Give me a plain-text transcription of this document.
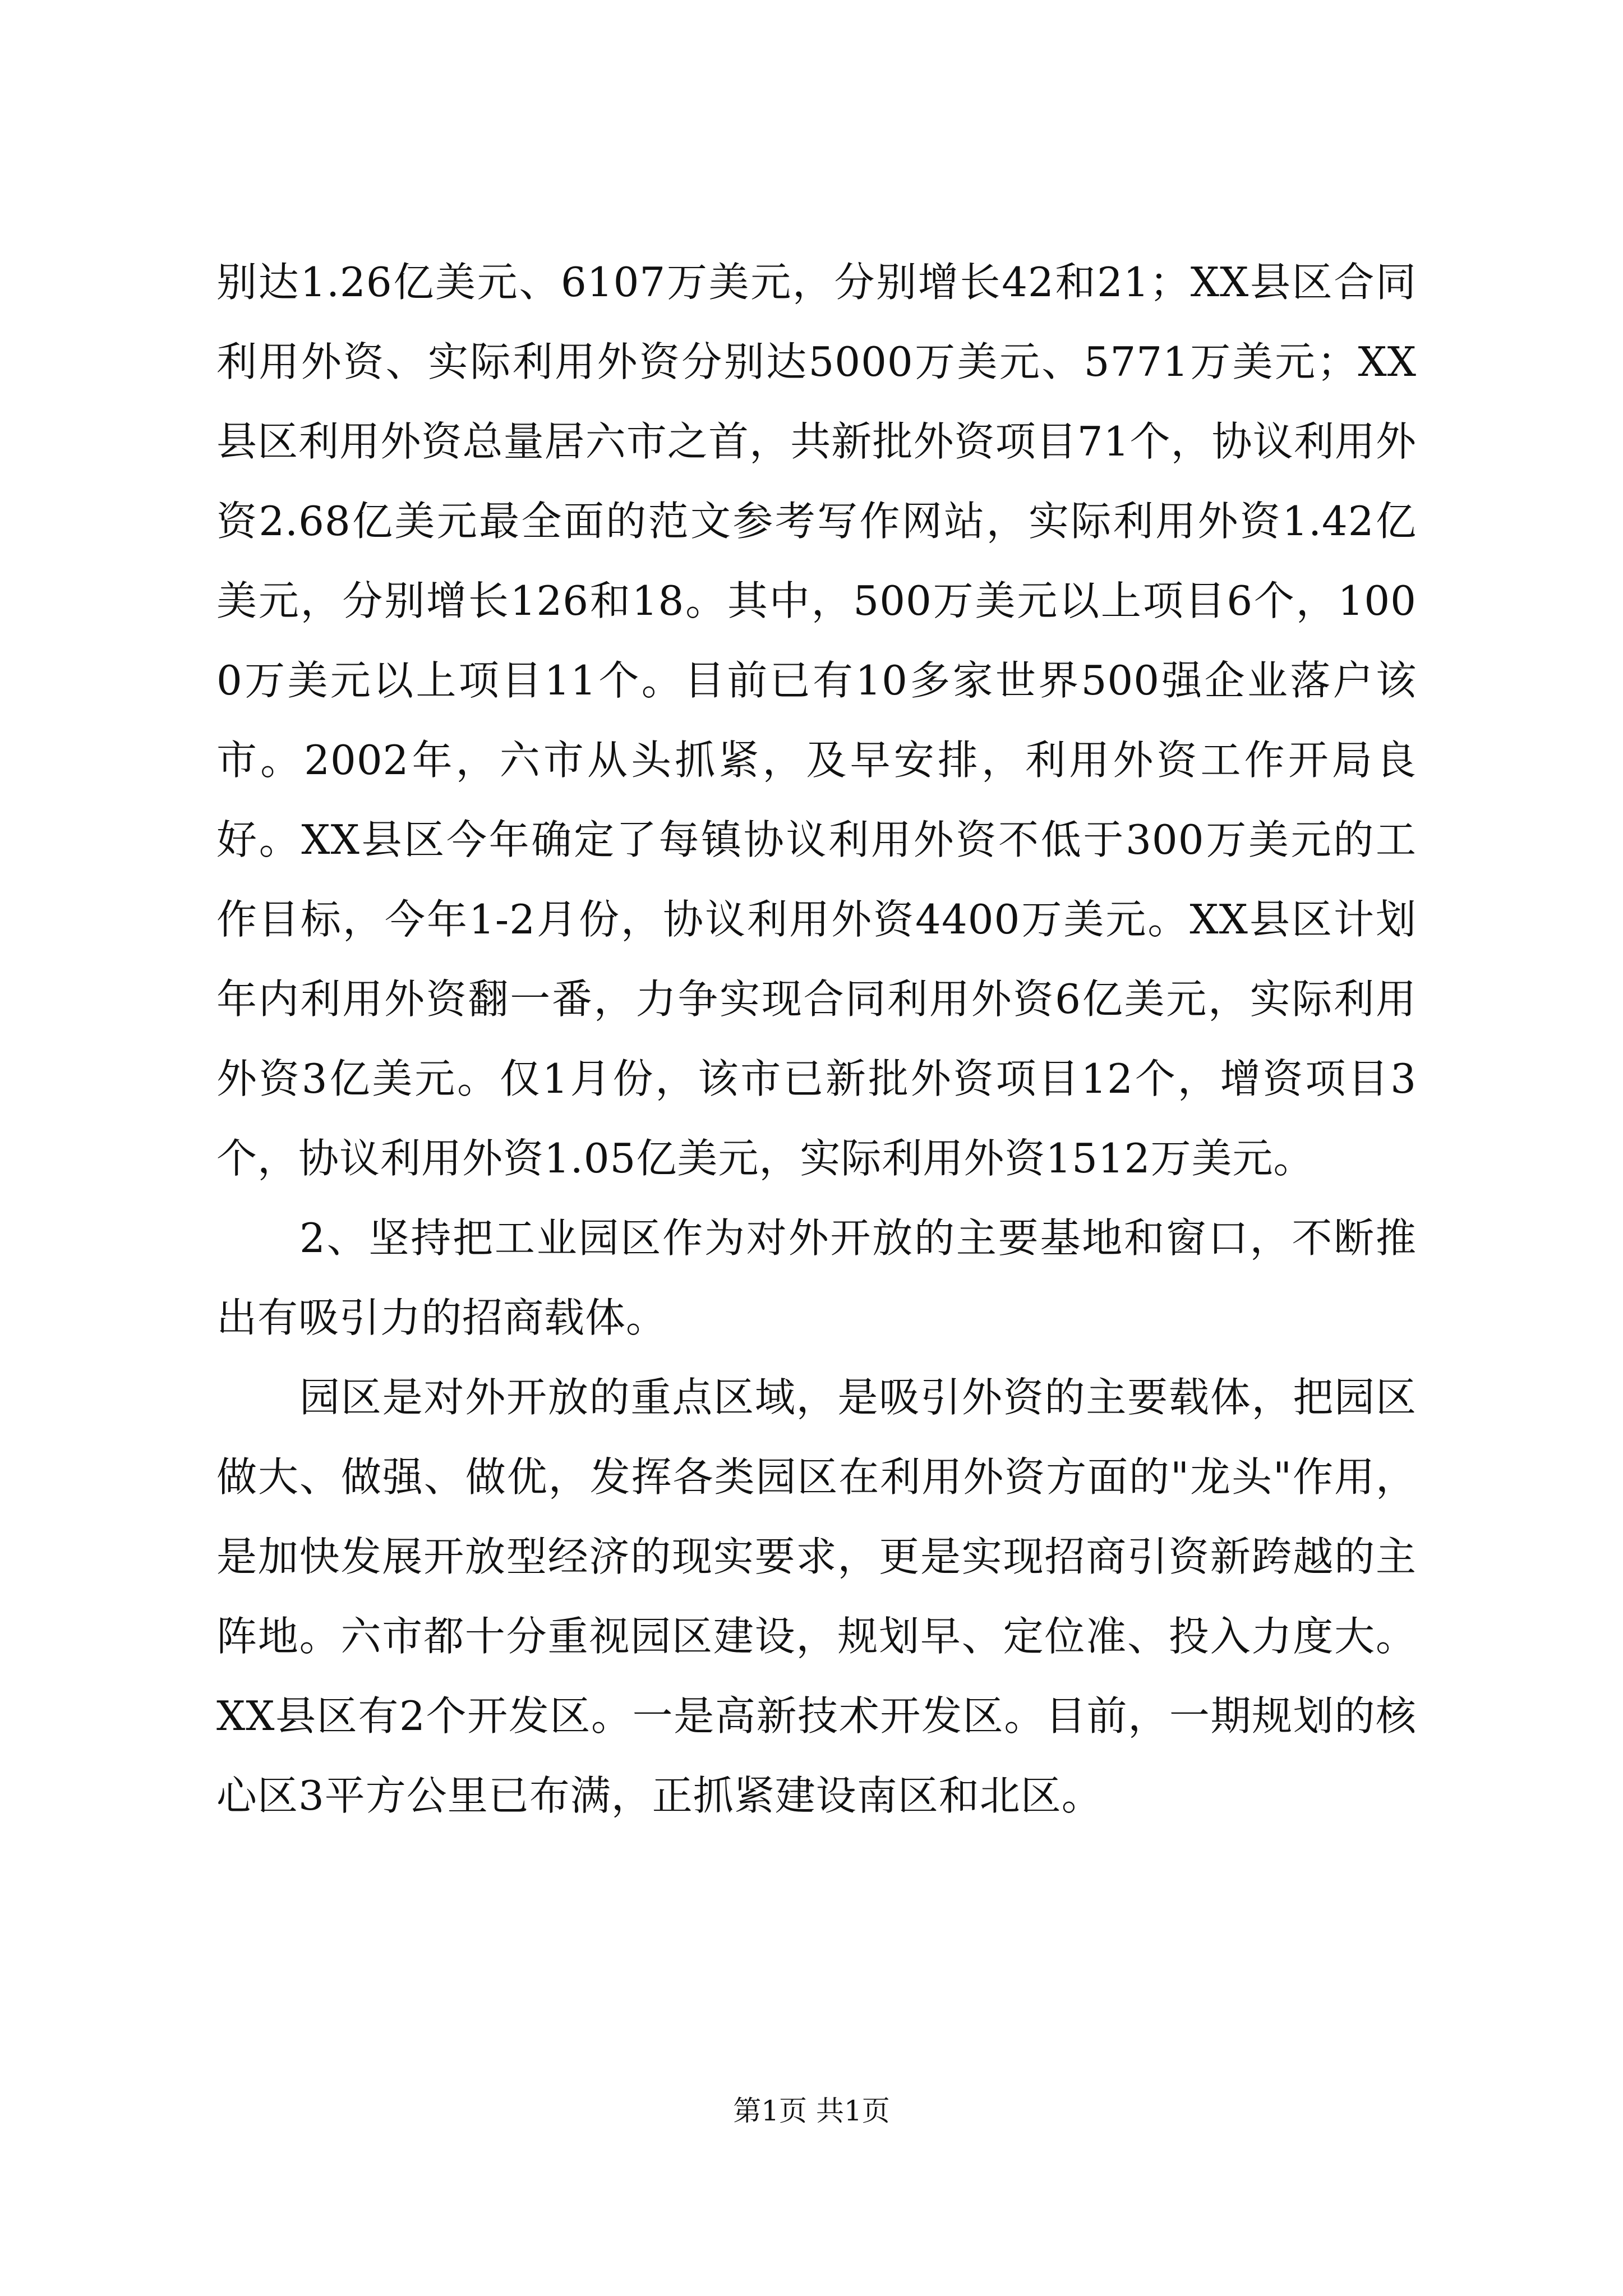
别达1.26亿美元、6107万美元，分别增长42和21；XX县区合同利用外资、实际利用外资分别达5000万美元、5771万美元；XX县区利用外资总量居六市之首，共新批外资项目71个，协议利用外资2.68亿美元最全面的范文参考写作网站，实际利用外资1.42亿美元，分别增长126和18。其中，500万美元以上项目6个，1000万美元以上项目11个。目前已有10多家世界500强企业落户该市。2002年，六市从头抓紧，及早安排，利用外资工作开局良好。XX县区今年确定了每镇协议利用外资不低于300万美元的工作目标，今年1-2月份，协议利用外资4400万美元。XX县区计划年内利用外资翻一番，力争实现合同利用外资6亿美元，实际利用外资3亿美元。仅1月份，该市已新批外资项目12个，增资项目3个，协议利用外资1.05亿美元，实际利用外资1512万美元。

2、坚持把工业园区作为对外开放的主要基地和窗口，不断推出有吸引力的招商载体。

园区是对外开放的重点区域，是吸引外资的主要载体，把园区做大、做强、做优，发挥各类园区在利用外资方面的"龙头"作用，是加快发展开放型经济的现实要求，更是实现招商引资新跨越的主阵地。六市都十分重视园区建设，规划早、定位准、投入力度大。XX县区有2个开发区。一是高新技术开发区。目前，一期规划的核心区3平方公里已布满，正抓紧建设南区和北区。

第1页 共1页
